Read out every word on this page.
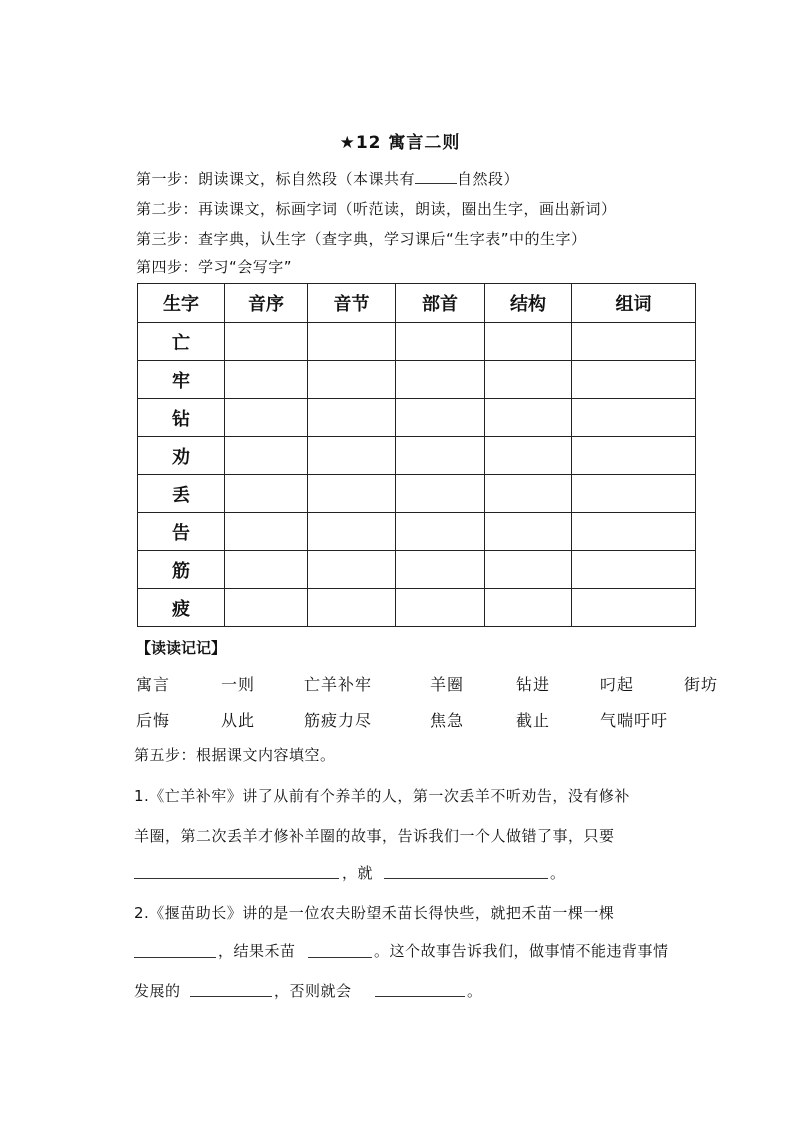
★12 寓言二则
第一步：朗读课文，标自然段（本课共有	自然段）
第二步：再读课文，标画字词（听范读，朗读，圈出生字，画出新词）
第三步：查字典，认生字（查字典，学习课后“生字表”中的生字）
第四步：学习“会写字”
生字	音序	音节	部首	结构	组词
亡					
牢					
钻					
劝					
丢					
告					
筋					
疲					
【读读记记】
寓言	一则	亡羊补牢	羊圈	钻进	叼起	街坊
后悔	从此	筋疲力尽	焦急	截止	气喘吁吁
第五步：根据课文内容填空。
1.《亡羊补牢》讲了从前有个养羊的人，第一次丢羊不听劝告，没有修补
羊圈，第二次丢羊才修补羊圈的故事，告诉我们一个人做错了事，只要
，就	。
2.《揠苗助长》讲的是一位农夫盼望禾苗长得快些，就把禾苗一棵一棵
，结果禾苗	。这个故事告诉我们，做事情不能违背事情
发展的	，否则就会	。
